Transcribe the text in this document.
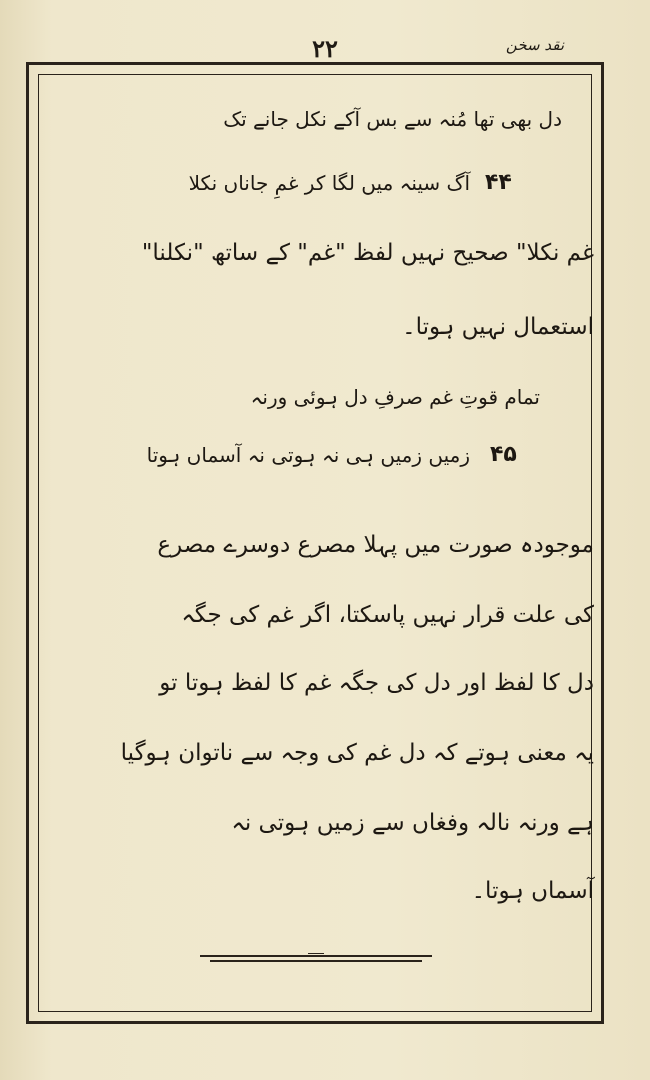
۲۲	نقد سخن
دل بھی تھا مُنہ سے بس آکے نکل جانے تک
۴۴
آگ سینہ میں لگا کر غمِ جاناں نکلا
غم نکلا" صحیح نہیں لفظ "غم" کے ساتھ "نکلنا"
استعمال نہیں ہوتا۔
تمام قوتِ غم صرفِ دل ہوئی ورنہ
۴۵
زمیں زمیں ہی نہ ہوتی نہ آسماں ہوتا
موجودہ صورت میں پہلا مصرع دوسرے مصرع
کی علت قرار نہیں پاسکتا، اگر غم کی جگہ
دل کا لفظ اور دل کی جگہ غم کا لفظ ہوتا تو
یہ معنی ہوتے کہ دل غم کی وجہ سے ناتوان ہوگیا
ہے ورنہ نالہ وفغاں سے زمیں ہوتی نہ
آسماں ہوتا۔
